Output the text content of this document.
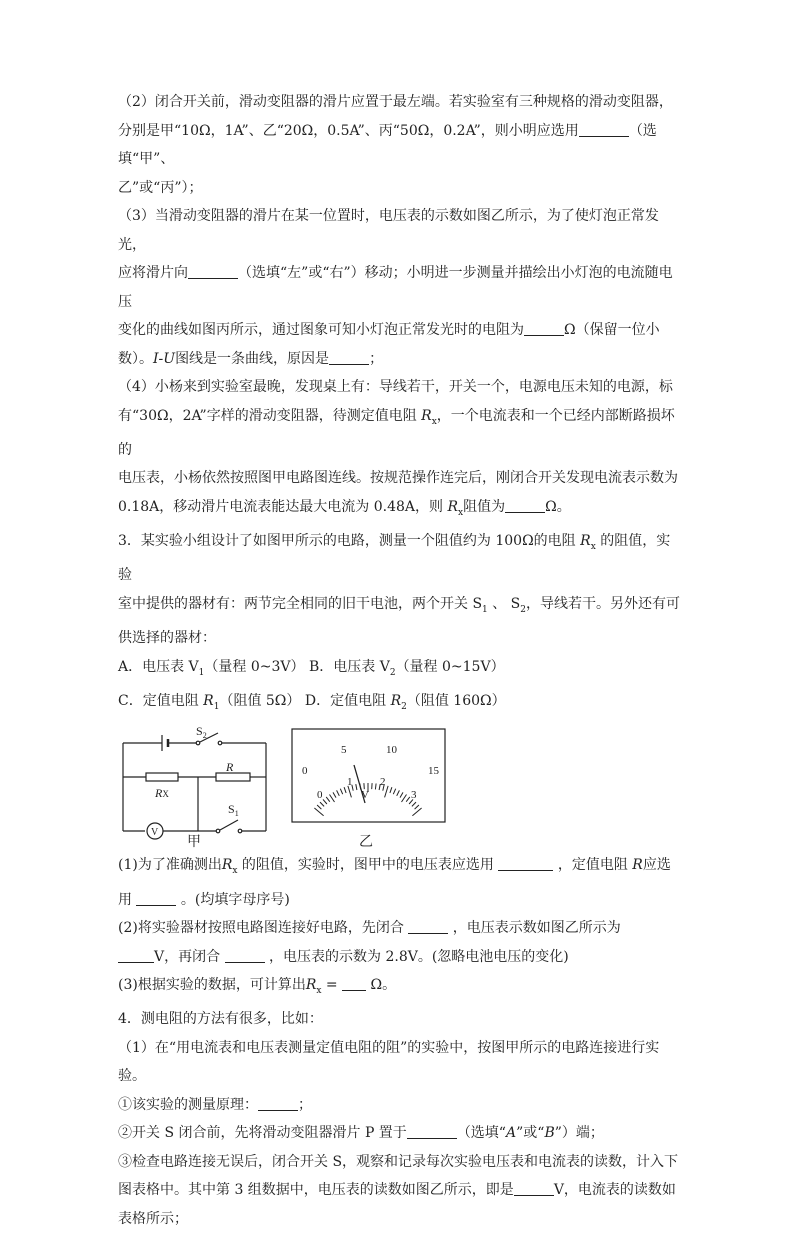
（2）闭合开关前，滑动变阻器的滑片应置于最左端。若实验室有三种规格的滑动变阻器，

分别是甲“10Ω，1A”、乙“20Ω，0.5A”、丙“50Ω，0.2A”，则小明应选用	（选填“甲”、

乙”或“丙”）；

（3）当滑动变阻器的滑片在某一位置时，电压表的示数如图乙所示，为了使灯泡正常发光，

应将滑片向	（选填“左”或“右”）移动；小明进一步测量并描绘出小灯泡的电流随电压

变化的曲线如图丙所示，通过图象可知小灯泡正常发光时的电阻为	Ω（保留一位小

数）。I-U图线是一条曲线，原因是	；

（4）小杨来到实验室最晚，发现桌上有：导线若干，开关一个，电源电压未知的电源，标

有“30Ω，2A”字样的滑动变阻器，待测定值电阻 $R_x$，一个电流表和一个已经内部断路损坏的

电压表，小杨依然按照图甲电路图连线。按规范操作连完后，刚闭合开关发现电流表示数为

0.18A，移动滑片电流表能达最大电流为 0.48A，则 $R_x$阻值为	Ω。

3．某实验小组设计了如图甲所示的电路，测量一个阻值约为 100Ω的电阻 $R_x$ 的阻值，实验

室中提供的器材有：两节完全相同的旧干电池，两个开关 $S_1$ 、 $S_2$，导线若干。另外还有可

供选择的器材：

A．电压表 $V_1$（量程 0~3V） B．电压表 $V_2$（量程 0~15V）

C．定值电阻 $R_1$（阻值 5Ω） D．定值电阻 $R_2$（阻值 160Ω）

$S_2$
$S_1$
RX
R
V
0
5	10
15
0
1	2
3
V
甲	乙

(1)为了准确测出$R_x$ 的阻值，实验时，图甲中的电压表应选用	，定值电阻 R应选

用	。(均填字母序号)

(2)将实验器材按照电路图连接好电路，先闭合	，电压表示数如图乙所示为

V，再闭合	，电压表的示数为 2.8V。(忽略电池电压的变化)

(3)根据实验的数据，可计算出$R_x = \Omega$。

4．测电阻的方法有很多，比如：

（1）在“用电流表和电压表测量定值电阻的阻”的实验中，按图甲所示的电路连接进行实验。

①该实验的测量原理：	；

②开关 S 闭合前，先将滑动变阻器滑片 P 置于	（选填“A”或“B”）端；

③检查电路连接无误后，闭合开关 S，观察和记录每次实验电压表和电流表的读数，计入下

图表格中。其中第 3 组数据中，电压表的读数如图乙所示，即是	V，电流表的读数如

表格所示；
